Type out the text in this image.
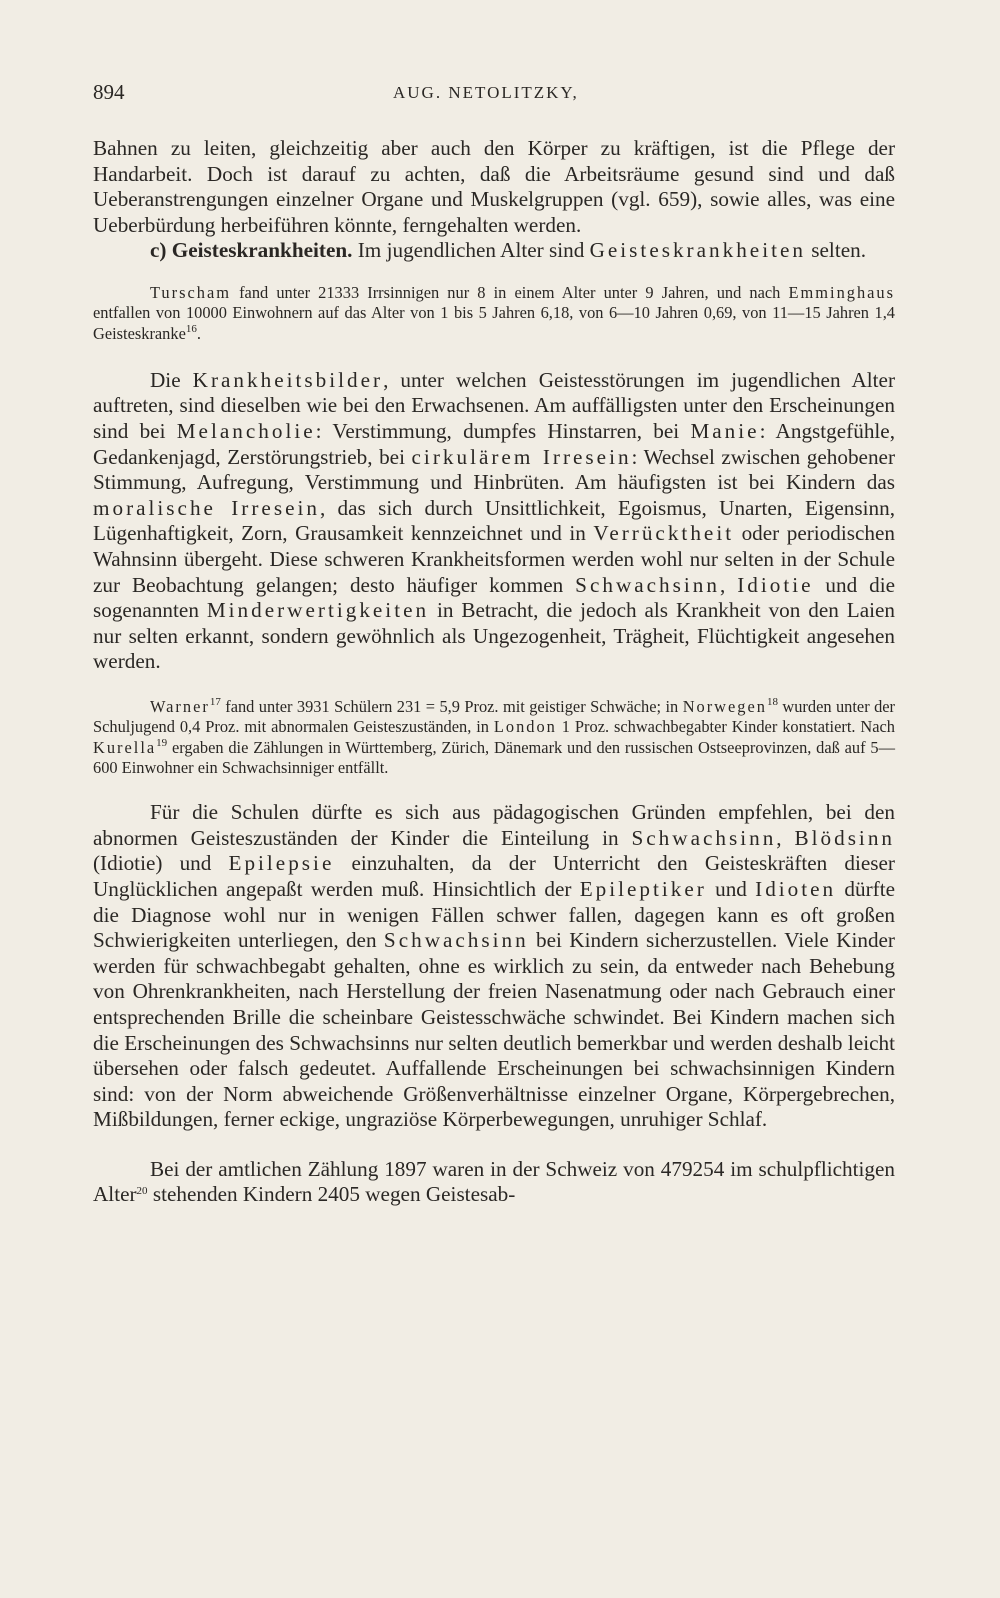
894	AUG. NETOLITZKY,

Bahnen zu leiten, gleichzeitig aber auch den Körper zu kräftigen, ist die Pflege der Handarbeit. Doch ist darauf zu achten, daß die Arbeitsräume gesund sind und daß Ueberanstrengungen einzelner Organe und Muskelgruppen (vgl. 659), sowie alles, was eine Ueberbürdung herbeiführen könnte, ferngehalten werden.

c) Geisteskrankheiten. Im jugendlichen Alter sind Geisteskrankheiten selten.

Turscham fand unter 21333 Irrsinnigen nur 8 in einem Alter unter 9 Jahren, und nach Emminghaus entfallen von 10000 Einwohnern auf das Alter von 1 bis 5 Jahren 6,18, von 6—10 Jahren 0,69, von 11—15 Jahren 1,4 Geisteskranke$^{16}$.

Die Krankheitsbilder, unter welchen Geistesstörungen im jugendlichen Alter auftreten, sind dieselben wie bei den Erwachsenen. Am auffälligsten unter den Erscheinungen sind bei Melancholie: Verstimmung, dumpfes Hinstarren, bei Manie: Angstgefühle, Gedankenjagd, Zerstörungstrieb, bei cirkulärem Irresein: Wechsel zwischen gehobener Stimmung, Aufregung, Verstimmung und Hinbrüten. Am häufigsten ist bei Kindern das moralische Irresein, das sich durch Unsittlichkeit, Egoismus, Unarten, Eigensinn, Lügenhaftigkeit, Zorn, Grausamkeit kennzeichnet und in Verrücktheit oder periodischen Wahnsinn übergeht. Diese schweren Krankheitsformen werden wohl nur selten in der Schule zur Beobachtung gelangen; desto häufiger kommen Schwachsinn, Idiotie und die sogenannten Minderwertigkeiten in Betracht, die jedoch als Krankheit von den Laien nur selten erkannt, sondern gewöhnlich als Ungezogenheit, Trägheit, Flüchtigkeit angesehen werden.

Warner$^{17}$ fand unter 3931 Schülern 231 = 5,9 Proz. mit geistiger Schwäche; in Norwegen$^{18}$ wurden unter der Schuljugend 0,4 Proz. mit abnormalen Geisteszuständen, in London 1 Proz. schwachbegabter Kinder konstatiert. Nach Kurella$^{19}$ ergaben die Zählungen in Württemberg, Zürich, Dänemark und den russischen Ostseeprovinzen, daß auf 5—600 Einwohner ein Schwachsinniger entfällt.

Für die Schulen dürfte es sich aus pädagogischen Gründen empfehlen, bei den abnormen Geisteszuständen der Kinder die Einteilung in Schwachsinn, Blödsinn (Idiotie) und Epilepsie einzuhalten, da der Unterricht den Geisteskräften dieser Unglücklichen angepaßt werden muß. Hinsichtlich der Epileptiker und Idioten dürfte die Diagnose wohl nur in wenigen Fällen schwer fallen, dagegen kann es oft großen Schwierigkeiten unterliegen, den Schwachsinn bei Kindern sicherzustellen. Viele Kinder werden für schwachbegabt gehalten, ohne es wirklich zu sein, da entweder nach Behebung von Ohrenkrankheiten, nach Herstellung der freien Nasenatmung oder nach Gebrauch einer entsprechenden Brille die scheinbare Geistesschwäche schwindet. Bei Kindern machen sich die Erscheinungen des Schwachsinns nur selten deutlich bemerkbar und werden deshalb leicht übersehen oder falsch gedeutet. Auffallende Erscheinungen bei schwachsinnigen Kindern sind: von der Norm abweichende Größenverhältnisse einzelner Organe, Körpergebrechen, Mißbildungen, ferner eckige, ungraziöse Körperbewegungen, unruhiger Schlaf.

Bei der amtlichen Zählung 1897 waren in der Schweiz von 479254 im schulpflichtigen Alter$^{20}$ stehenden Kindern 2405 wegen Geistesab-
